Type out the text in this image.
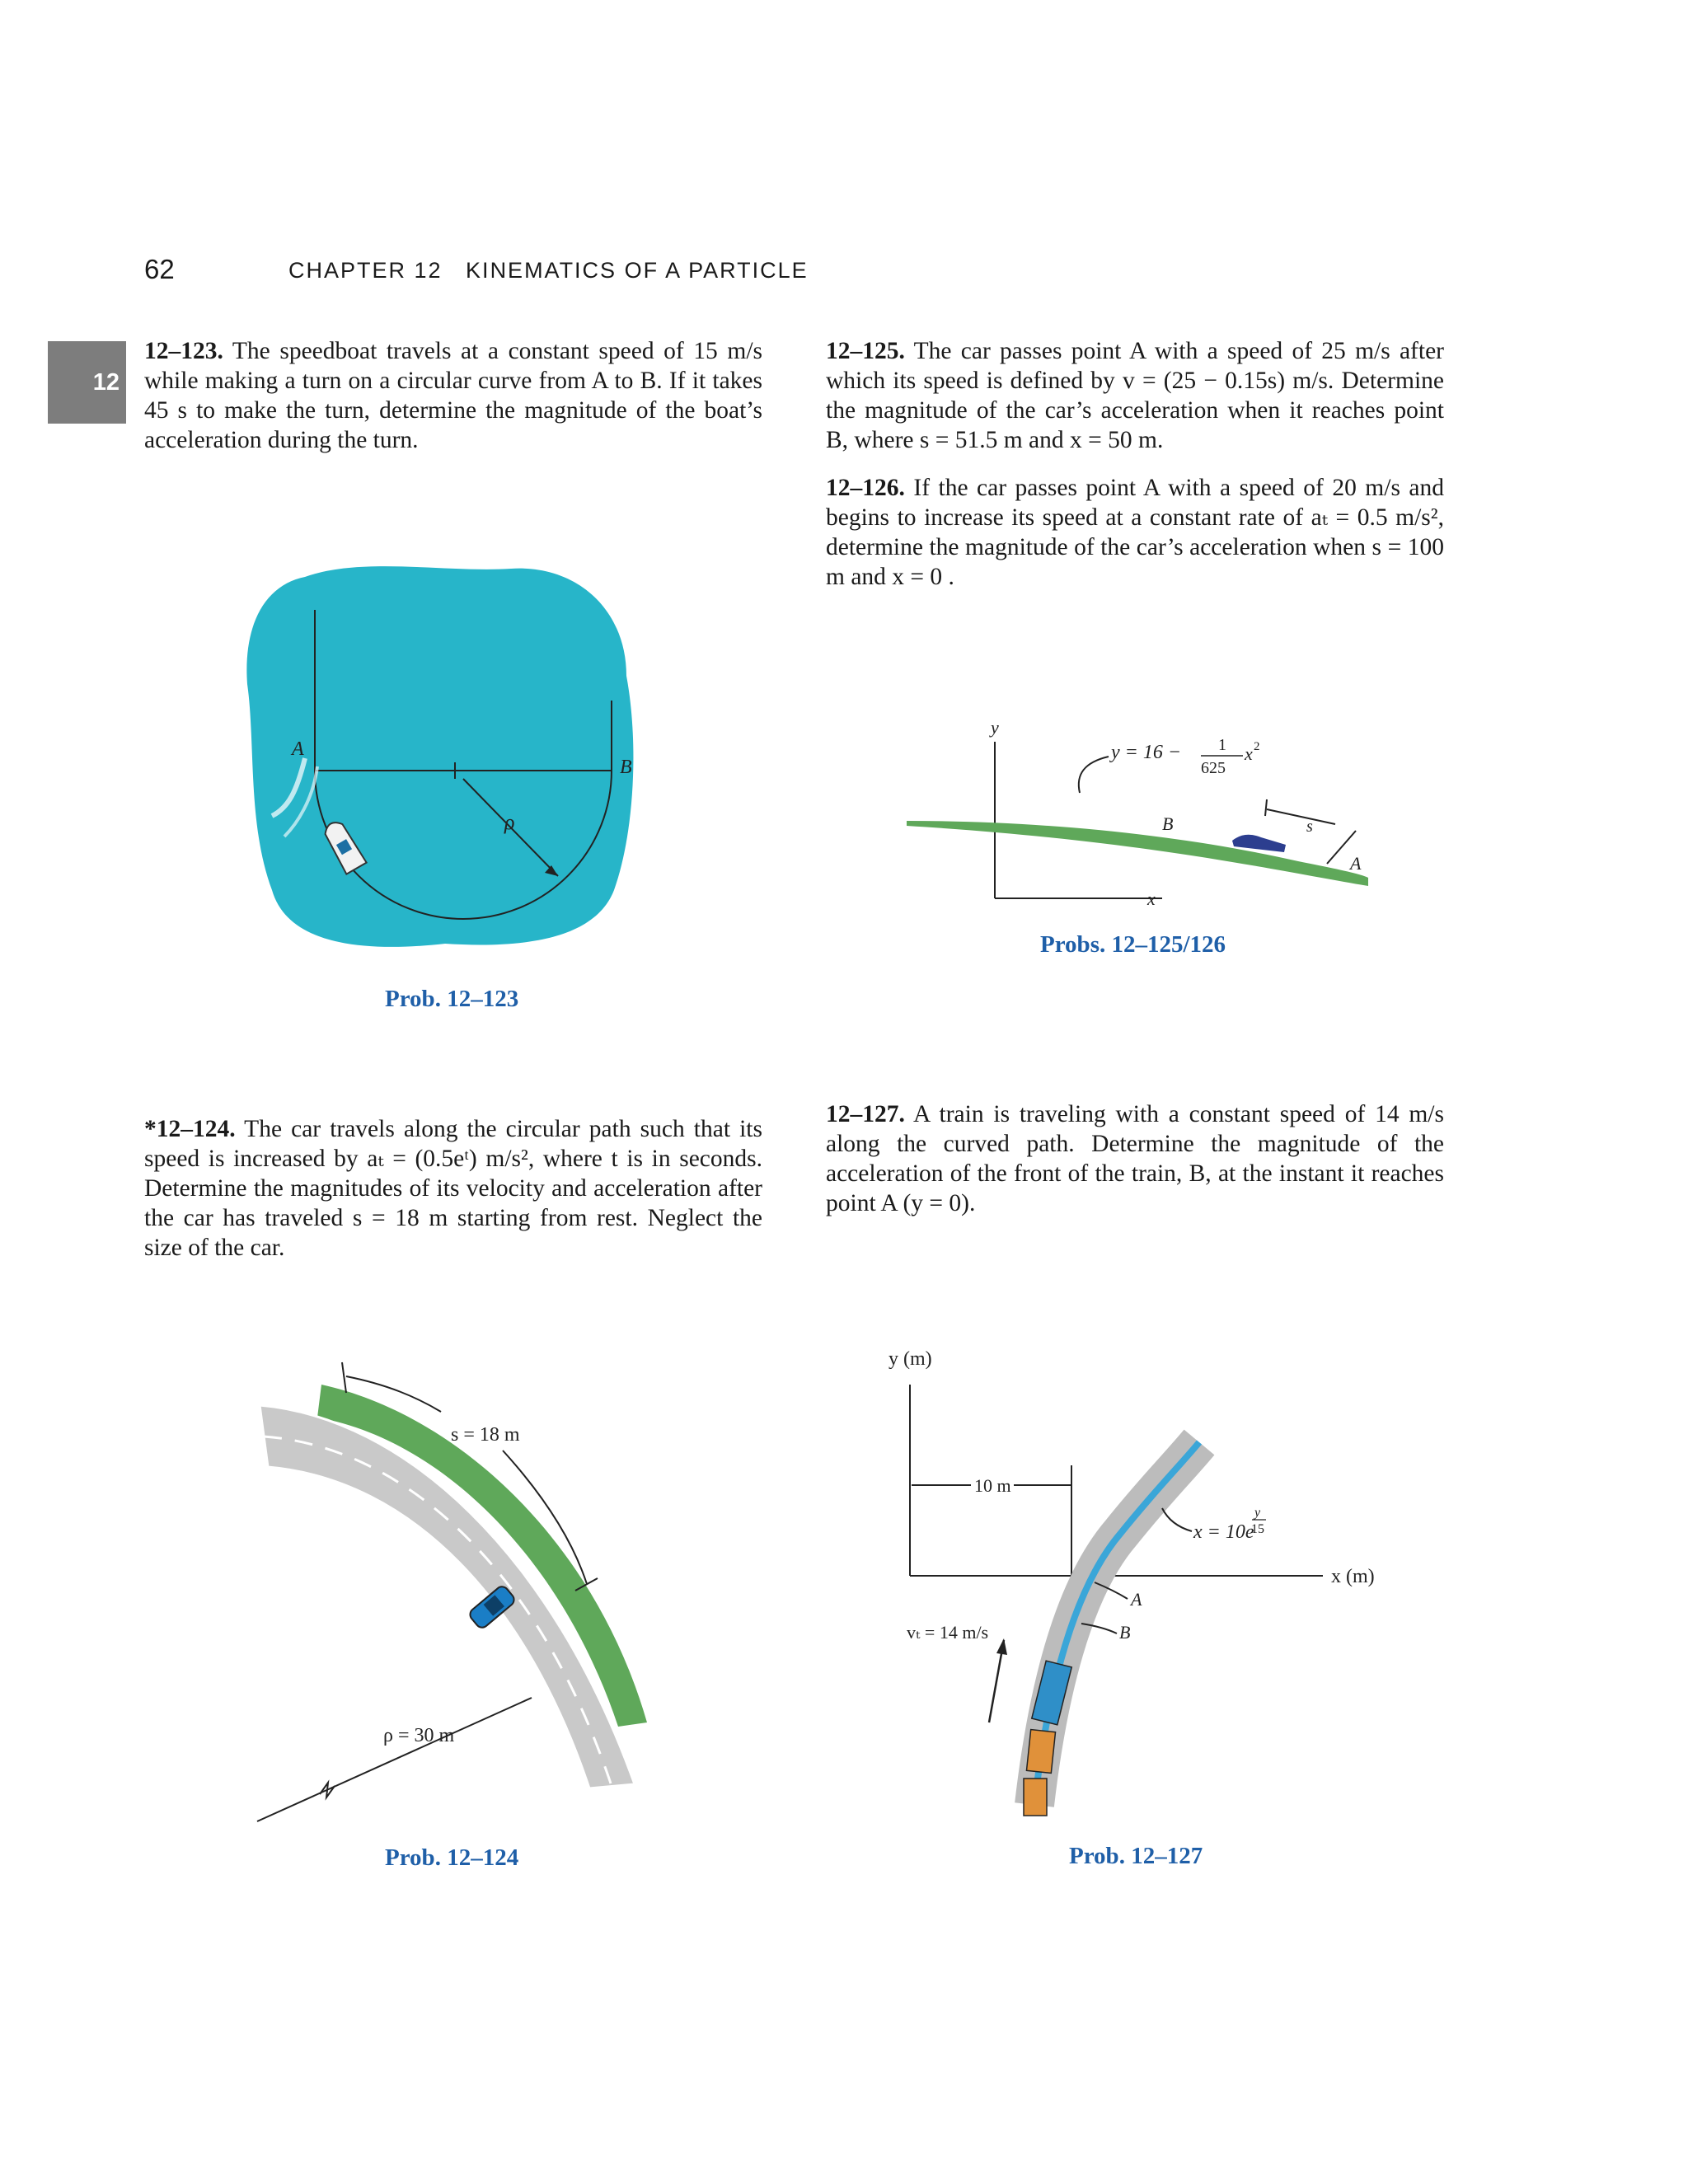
62	CHAPTER 12   KINEMATICS OF A PARTICLE
12
12–123. The speedboat travels at a constant speed of 15 m/s while making a turn on a circular curve from A to B. If it takes 45 s to make the turn, determine the magnitude of the boat’s acceleration during the turn.
*12–124. The car travels along the circular path such that its speed is increased by aₜ = (0.5eᵗ) m/s², where t is in seconds. Determine the magnitudes of its velocity and acceleration after the car has traveled s = 18 m starting from rest. Neglect the size of the car.
12–125. The car passes point A with a speed of 25 m/s after which its speed is defined by v = (25 − 0.15s) m/s. Determine the magnitude of the car’s acceleration when it reaches point B, where s = 51.5 m and x = 50 m.
12–126. If the car passes point A with a speed of 20 m/s and begins to increase its speed at a constant rate of aₜ = 0.5 m/s², determine the magnitude of the car’s acceleration when s = 100 m and x = 0 .
12–127. A train is traveling with a constant speed of 14 m/s along the curved path. Determine the magnitude of the acceleration of the front of the train, B, at the instant it reaches point A (y = 0).
A
B
ρ
Prob. 12–123
s = 18 m
ρ = 30 m
Prob. 12–124
y
x
y = 16 − 1
625
x 2
B	s
A
Probs. 12–125/126
y (m)
x (m)
10 m
x = 10e
y
15
A
B
vₜ = 14 m/s
Prob. 12–127
